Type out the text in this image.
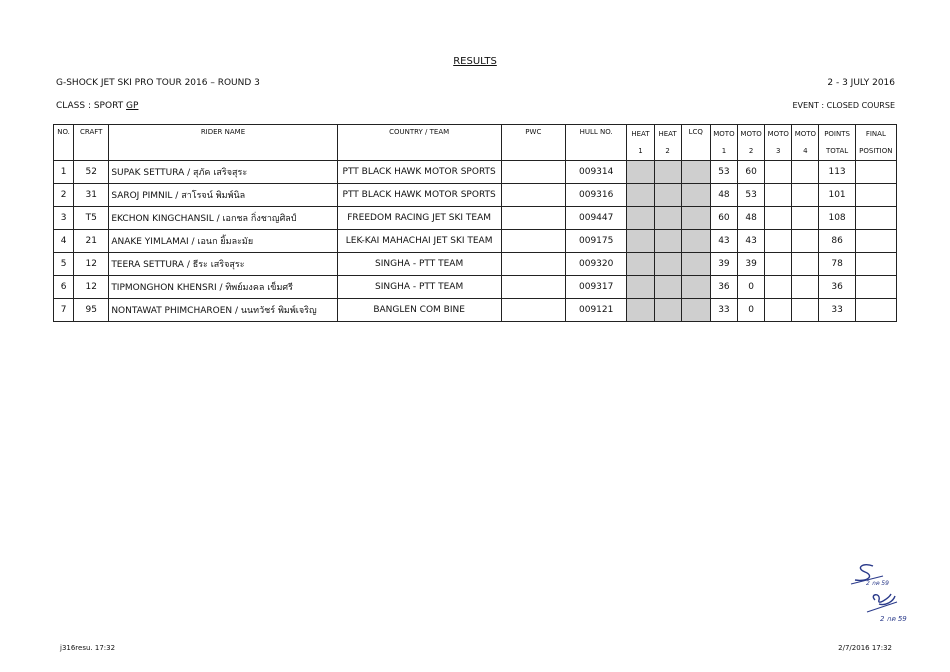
RESULTS
G-SHOCK JET SKI PRO TOUR 2016 – ROUND 3	2 - 3 JULY 2016
CLASS : SPORT GP	EVENT : CLOSED COURSE
NO.	CRAFT	RIDER NAME	COUNTRY / TEAM	PWC	HULL NO.	HEAT	HEAT	LCQ	MOTO	MOTO	MOTO	MOTO	POINTS	FINAL
						1	2		1	2	3	4	TOTAL	POSITION
1	52	SUPAK SETTURA / สุภัค เสริจสุระ	PTT BLACK HAWK MOTOR SPORTS		009314				53	60			113	
2	31	SAROJ PIMNIL / สาโรจน์ พิมพ์นิล	PTT BLACK HAWK MOTOR SPORTS		009316				48	53			101	
3	T5	EKCHON KINGCHANSIL / เอกชล กิ่งชาญศิลป์	FREEDOM RACING JET SKI TEAM		009447				60	48			108	
4	21	ANAKE YIMLAMAI / เอนก ยิ้มละมัย	LEK-KAI MAHACHAI JET SKI TEAM		009175				43	43			86	
5	12	TEERA SETTURA / ธีระ เสริจสุระ	SINGHA - PTT TEAM		009320				39	39			78	
6	12	TIPMONGHON KHENSRI / ทิพย์มงคล เข็มศรี	SINGHA - PTT TEAM		009317				36	0			36	
7	95	NONTAWAT PHIMCHAROEN / นนทวัชร์ พิมพ์เจริญ	BANGLEN COM BINE		009121				33	0			33	
2 กค 59
2 กค 59
j316resu. 17:32	2/7/2016 17:32
